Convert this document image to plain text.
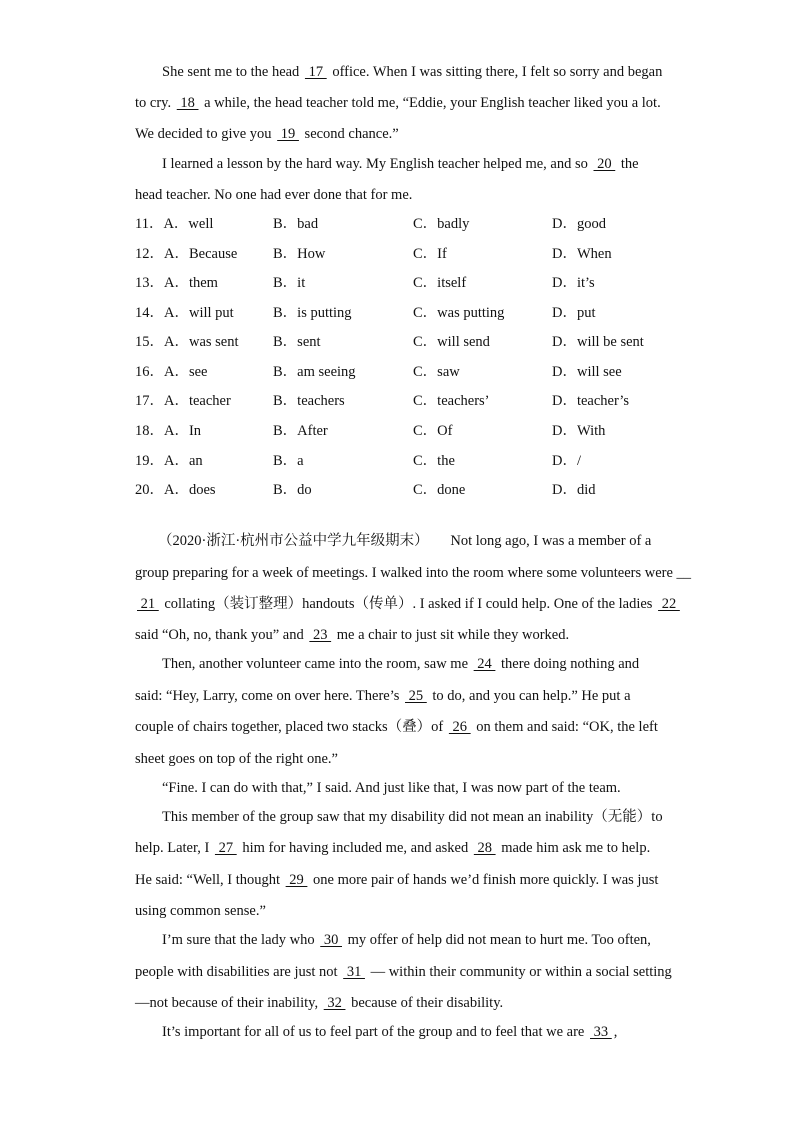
She sent me to the head  17  office. When I was sitting there, I felt so sorry and began
to cry.  18  a while, the head teacher told me, “Eddie, your English teacher liked you a lot.
We decided to give you  19  second chance.”
I learned a lesson by the hard way. My English teacher helped me, and so  20  the
head teacher. No one had ever done that for me.
11．A．well	B．bad	C．badly	D．good
12．A．Because B．How	C．If	D．When
13．A．them	B．it	C．itself	D．it’s
14．A．will put	B．is putting	C．was putting	D．put
15．A．was sent B．sent	C．will send	D．will be sent
16．A．see	B．am seeing	C．saw	D．will see
17．A．teacher	B．teachers	C．teachers’	D．teacher’s
18．A．In	B．After	C．Of	D．With
19．A．an	B．a	C．the	D．/
20．A．does	B．do	C．done	D．did
（2020·浙江·杭州市公益中学九年级期末）　　Not long ago, I was a member of a
group preparing for a week of meetings. I walked into the room where some volunteers were __
21  collating（装订整理）handouts（传单）. I asked if I could help. One of the ladies  22
said “Oh, no, thank you” and  23  me a chair to just sit while they worked.
Then, another volunteer came into the room, saw me  24  there doing nothing and
said: “Hey, Larry, come on over here. There’s  25  to do, and you can help.” He put a
couple of chairs together, placed two stacks（叠）of  26  on them and said: “OK, the left
sheet goes on top of the right one.”
“Fine. I can do with that,” I said. And just like that, I was now part of the team.
This member of the group saw that my disability did not mean an inability（无能）to
help. Later, I  27  him for having included me, and asked  28  made him ask me to help.
He said: “Well, I thought  29  one more pair of hands we’d finish more quickly. I was just
using common sense.”
I’m sure that the lady who  30  my offer of help did not mean to hurt me. Too often,
people with disabilities are just not  31  — within their community or within a social setting
—not because of their inability,  32  because of their disability.
It’s important for all of us to feel part of the group and to feel that we are  33 ,
